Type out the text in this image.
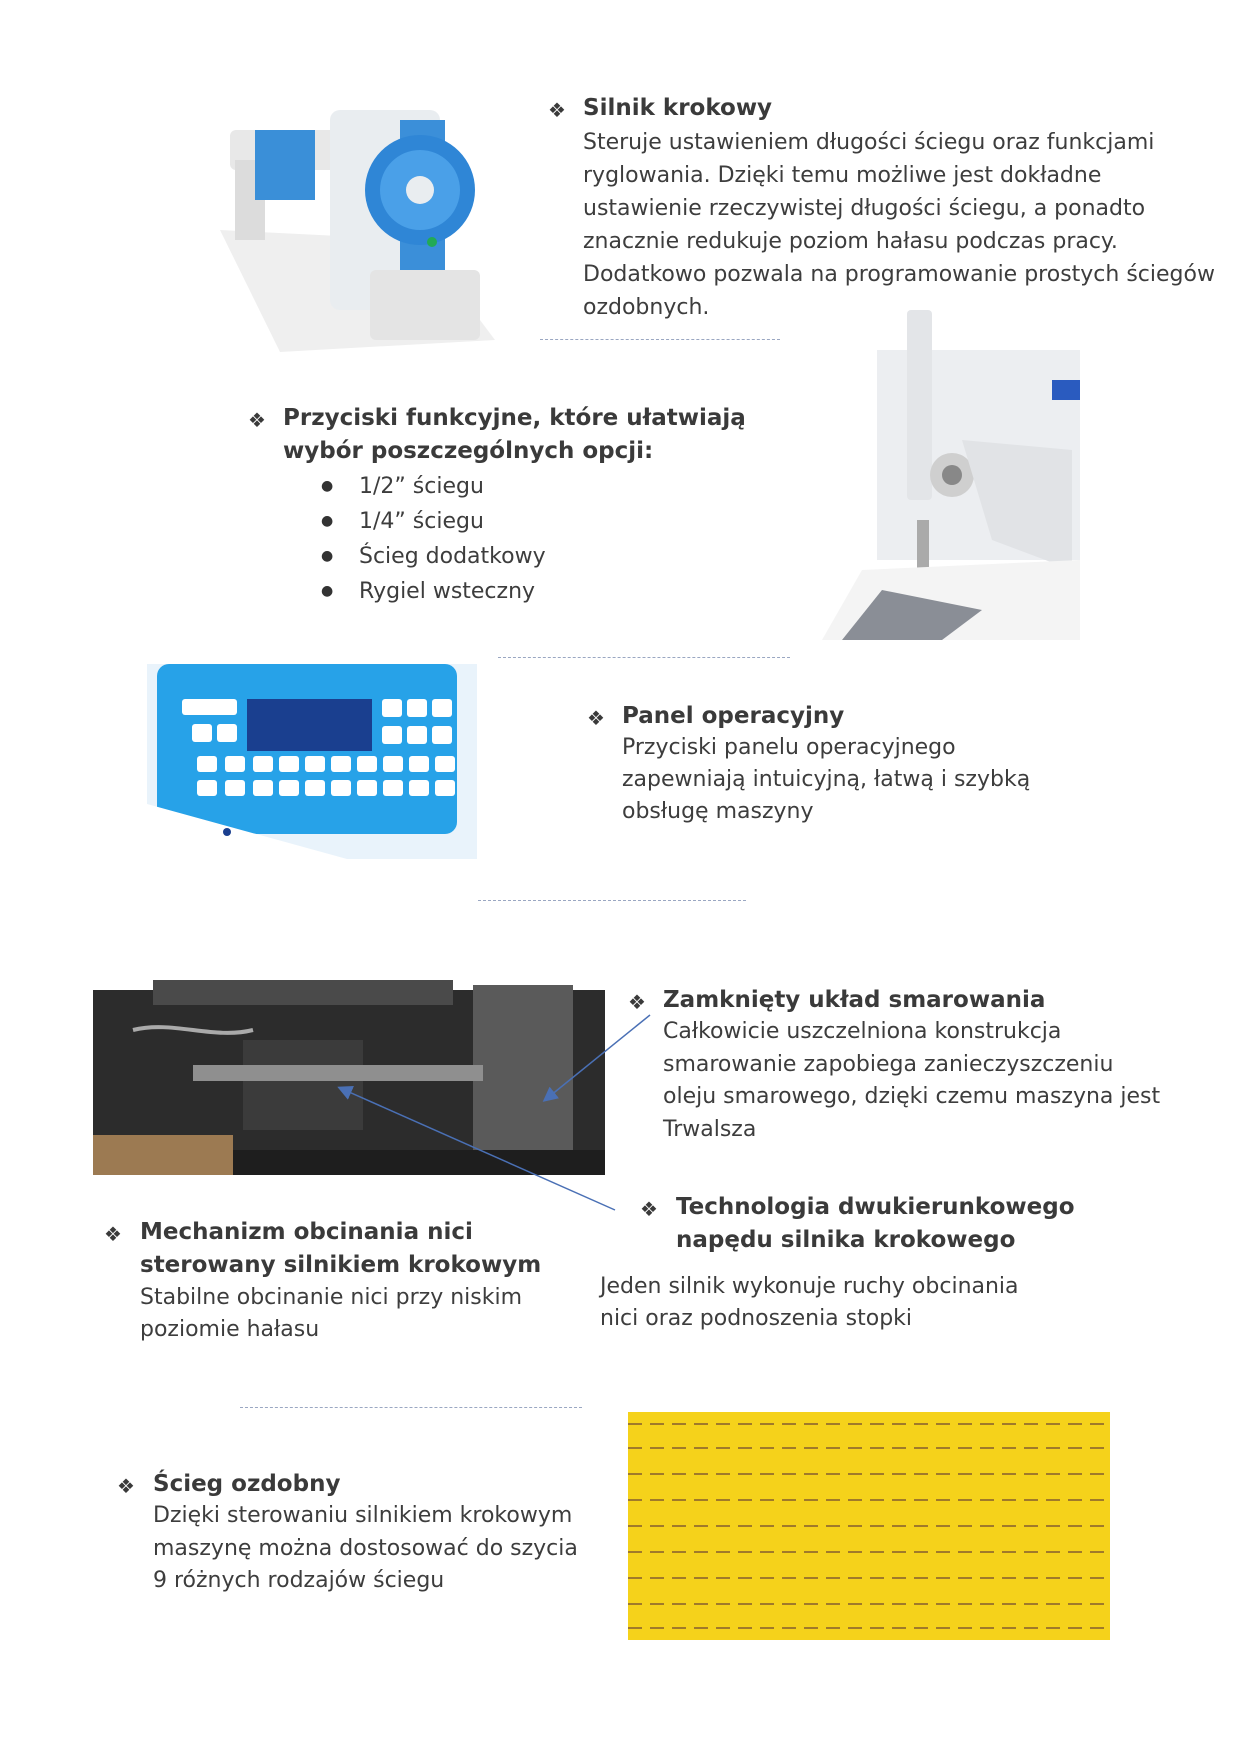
❖ Silnik krokowy
Steruje ustawieniem długości ściegu oraz funkcjami ryglowania. Dzięki temu możliwe jest dokładne ustawienie rzeczywistej długości ściegu, a ponadto znacznie redukuje poziom hałasu podczas pracy. Dodatkowo pozwala na programowanie prostych ściegów ozdobnych.
❖ Przyciski funkcyjne, które ułatwiają wybór poszczególnych opcji:
● 1/2” ściegu
● 1/4” ściegu
● Ścieg dodatkowy
● Rygiel wsteczny
❖ Panel operacyjny
Przyciski panelu operacyjnego zapewniają intuicyjną, łatwą i szybką obsługę maszyny
❖ Zamknięty układ smarowania
Całkowicie uszczelniona konstrukcja smarowanie zapobiega zanieczyszczeniu oleju smarowego, dzięki czemu maszyna jest Trwalsza
❖ Technologia dwukierunkowego napędu silnika krokowego
Jeden silnik wykonuje ruchy obcinania nici oraz podnoszenia stopki
❖ Mechanizm obcinania nici sterowany silnikiem krokowym
Stabilne obcinanie nici przy niskim poziomie hałasu
❖ Ścieg ozdobny
Dzięki sterowaniu silnikiem krokowym maszynę można dostosować do szycia 9 różnych rodzajów ściegu
